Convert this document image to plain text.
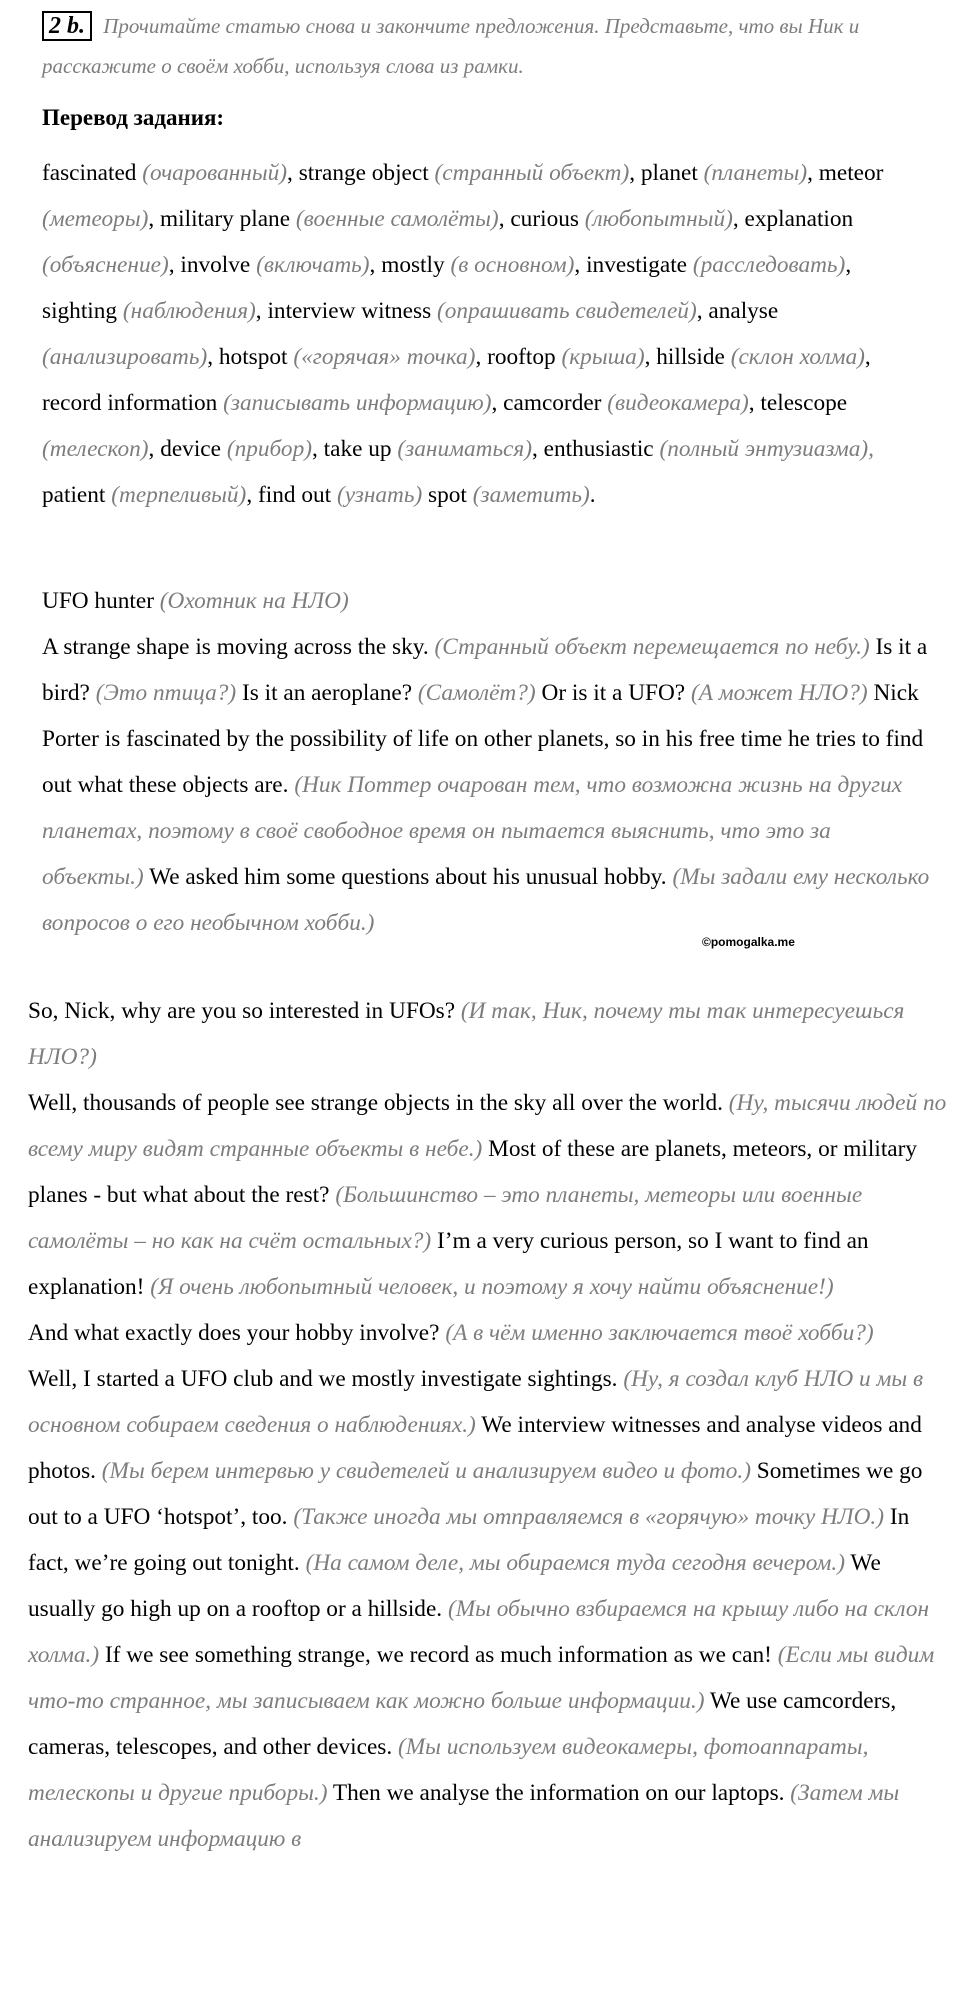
2 b. Прочитайте статью снова и закончите предложения. Представьте, что вы Ник и расскажите о своём хобби, используя слова из рамки.
Перевод задания:
fascinated (очарованный), strange object (странный объект), planet (планеты), meteor (метеоры), military plane (военные самолёты), curious (любопытный), explanation (объяснение), involve (включать), mostly (в основном), investigate (расследовать), sighting (наблюдения), interview witness (опрашивать свидетелей), analyse (анализировать), hotspot («горячая» точка), rooftop (крыша), hillside (склон холма), record information (записывать информацию), camcorder (видеокамера), telescope (телескоп), device (прибор), take up (заниматься), enthusiastic (полный энтузиазма), patient (терпеливый), find out (узнать) spot (заметить).
UFO hunter (Охотник на НЛО)
A strange shape is moving across the sky. (Странный объект перемещается по небу.) Is it a bird? (Это птица?) Is it an aeroplane? (Самолёт?) Or is it a UFO? (А может НЛО?) Nick Porter is fascinated by the possibility of life on other planets, so in his free time he tries to find out what these objects are. (Ник Поттер очарован тем, что возможна жизнь на других планетах, поэтому в своё свободное время он пытается выяснить, что это за объекты.) We asked him some questions about his unusual hobby. (Мы задали ему несколько вопросов о его необычном хобби.)
©pomogalka.me
So, Nick, why are you so interested in UFOs? (И так, Ник, почему ты так интересуешься НЛО?)
Well, thousands of people see strange objects in the sky all over the world. (Ну, тысячи людей по всему миру видят странные объекты в небе.) Most of these are planets, meteors, or military planes - but what about the rest? (Большинство – это планеты, метеоры или военные самолёты – но как на счёт остальных?) I’m a very curious person, so I want to find an explanation! (Я очень любопытный человек, и поэтому я хочу найти объяснение!)
And what exactly does your hobby involve? (А в чём именно заключается твоё хобби?)
Well, I started a UFO club and we mostly investigate sightings. (Ну, я создал клуб НЛО и мы в основном собираем сведения о наблюдениях.) We interview witnesses and analyse videos and photos. (Мы берем интервью у свидетелей и анализируем видео и фото.) Sometimes we go out to a UFO ‘hotspot’, too. (Также иногда мы отправляемся в «горячую» точку НЛО.) In fact, we’re going out tonight. (На самом деле, мы обираемся туда сегодня вечером.) We usually go high up on a rooftop or a hillside. (Мы обычно взбираемся на крышу либо на склон холма.) If we see something strange, we record as much information as we can! (Если мы видим что-то странное, мы записываем как можно больше информации.) We use camcorders, cameras, telescopes, and other devices. (Мы используем видеокамеры, фотоаппараты, телескопы и другие приборы.) Then we analyse the information on our laptops. (Затем мы анализируем информацию в
